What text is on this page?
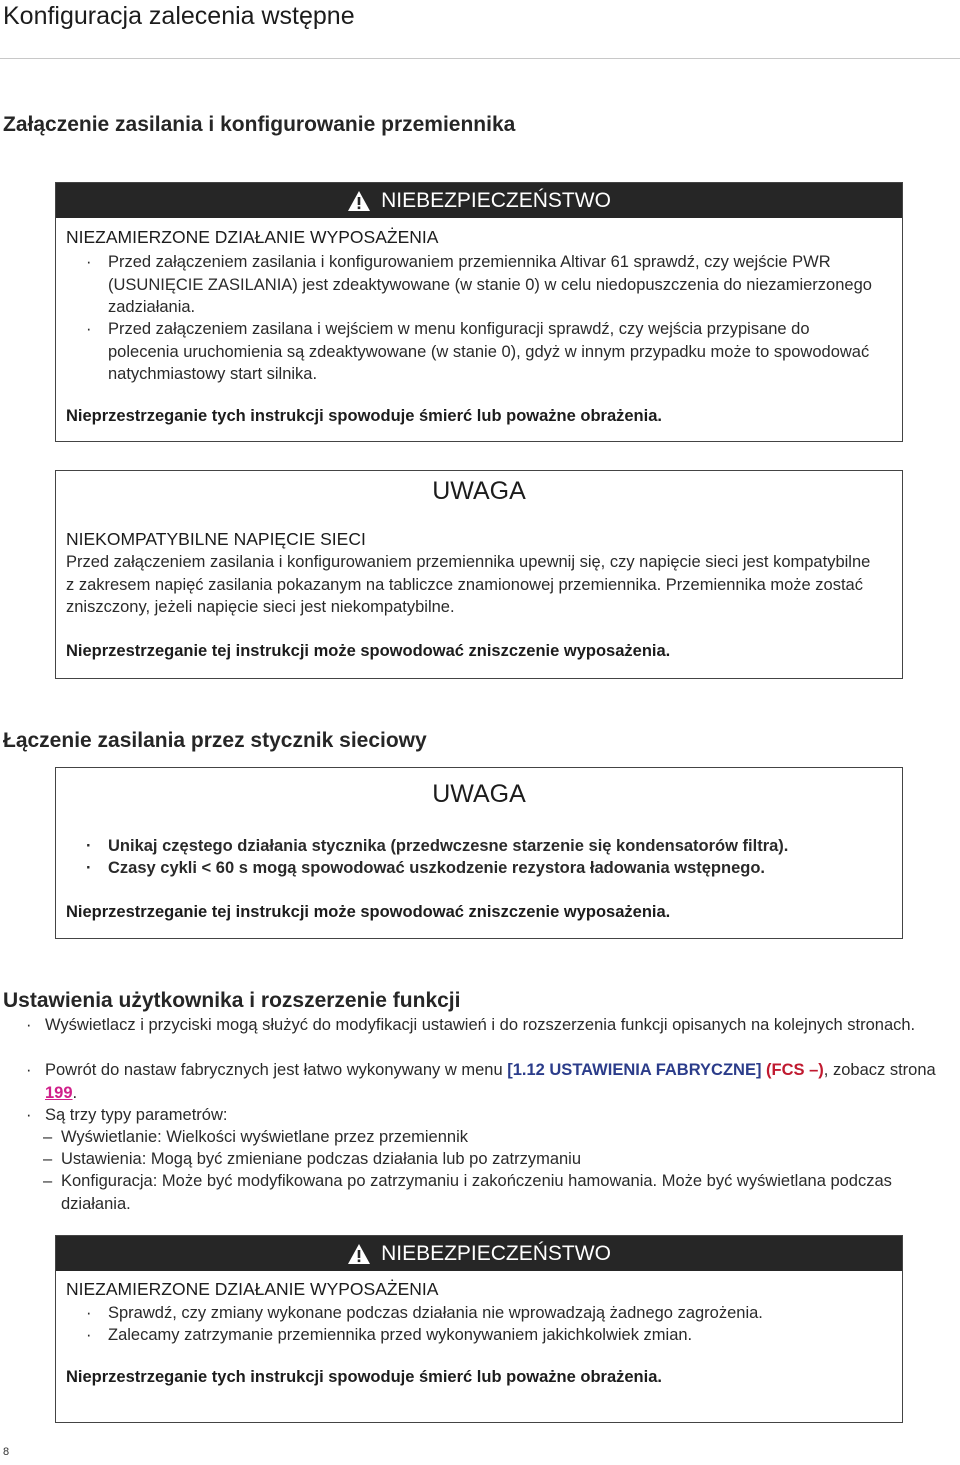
Konfiguracja zalecenia wstępne
Załączenie zasilania i konfigurowanie przemiennika
NIEBEZPIECZEŃSTWO
NIEZAMIERZONE DZIAŁANIE WYPOSAŻENIA
· Przed załączeniem zasilania i konfigurowaniem przemiennika Altivar 61 sprawdź, czy wejście PWR (USUNIĘCIE ZASILANIA) jest zdeaktywowane (w stanie 0) w celu niedopuszczenia do niezamierzonego zadziałania.
· Przed załączeniem zasilana i wejściem w menu konfiguracji sprawdź, czy wejścia przypisane do polecenia uruchomienia są zdeaktywowane (w stanie 0), gdyż w innym przypadku może to spowodować natychmiastowy start silnika.
Nieprzestrzeganie tych instrukcji spowoduje śmierć lub poważne obrażenia.
UWAGA
NIEKOMPATYBILNE NAPIĘCIE SIECI
Przed załączeniem zasilania i konfigurowaniem przemiennika upewnij się, czy napięcie sieci jest kompatybilne z zakresem napięć zasilania pokazanym na tabliczce znamionowej przemiennika. Przemiennika może zostać zniszczony, jeżeli napięcie sieci jest niekompatybilne.
Nieprzestrzeganie tej instrukcji może spowodować zniszczenie wyposażenia.
Łączenie zasilania przez stycznik sieciowy
UWAGA
· Unikaj częstego działania stycznika (przedwczesne starzenie się kondensatorów filtra).
· Czasy cykli < 60 s mogą spowodować uszkodzenie rezystora ładowania wstępnego.
Nieprzestrzeganie tej instrukcji może spowodować zniszczenie wyposażenia.
Ustawienia użytkownika i rozszerzenie funkcji
· Wyświetlacz i przyciski mogą służyć do modyfikacji ustawień i do rozszerzenia funkcji opisanych na kolejnych stronach.
· Powrót do nastaw fabrycznych jest łatwo wykonywany w menu [1.12 USTAWIENIA FABRYCZNE] (FCS –), zobacz strona 199.
· Są trzy typy parametrów:
– Wyświetlanie: Wielkości wyświetlane przez przemiennik
– Ustawienia: Mogą być zmieniane podczas działania lub po zatrzymaniu
– Konfiguracja: Może być modyfikowana po zatrzymaniu i zakończeniu hamowania. Może być wyświetlana podczas działania.
NIEBEZPIECZEŃSTWO
NIEZAMIERZONE DZIAŁANIE WYPOSAŻENIA
· Sprawdź, czy zmiany wykonane podczas działania nie wprowadzają żadnego zagrożenia.
· Zalecamy zatrzymanie przemiennika przed wykonywaniem jakichkolwiek zmian.
Nieprzestrzeganie tych instrukcji spowoduje śmierć lub poważne obrażenia.
8
